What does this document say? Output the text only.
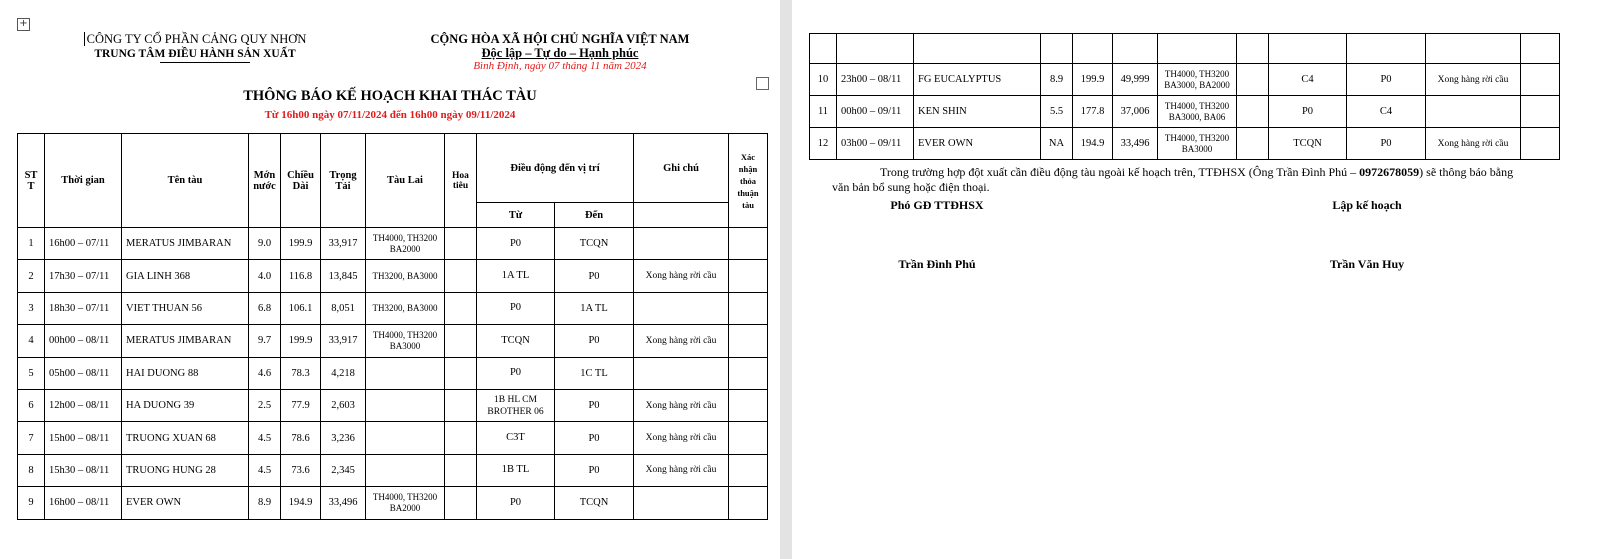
+
CÔNG TY CỔ PHẦN CẢNG QUY NHƠN
TRUNG TÂM ĐIỀU HÀNH SẢN XUẤT
CỘNG HÒA XÃ HỘI CHỦ NGHĨA VIỆT NAM
Độc lập – Tự do – Hạnh phúc
Bình Định, ngày 07 tháng 11 năm 2024
THÔNG BÁO KẾ HOẠCH KHAI THÁC TÀU
Từ 16h00 ngày 07/11/2024 đến 16h00 ngày 09/11/2024
ST T	Thời gian	Tên tàu	Mớn nước	Chiều Dài	Trọng Tải	Tàu Lai	Hoa tiêu	Điều động đến vị trí		Ghi chú	Xác nhận thỏa thuận tàu
								Từ	Đến		
1	16h00 – 07/11	MERATUS JIMBARAN	9.0	199.9	33,917	TH4000, TH3200 BA2000		P0	TCQN		
2	17h30 – 07/11	GIA LINH 368	4.0	116.8	13,845	TH3200, BA3000		1A TL	P0	Xong hàng rời cầu	
3	18h30 – 07/11	VIET THUAN 56	6.8	106.1	8,051	TH3200, BA3000		P0	1A TL		
4	00h00 – 08/11	MERATUS JIMBARAN	9.7	199.9	33,917	TH4000, TH3200 BA3000		TCQN	P0	Xong hàng rời cầu	
5	05h00 – 08/11	HAI DUONG 88	4.6	78.3	4,218			P0	1C TL		
6	12h00 – 08/11	HA DUONG 39	2.5	77.9	2,603			1B HL CM BROTHER 06	P0	Xong hàng rời cầu	
7	15h00 – 08/11	TRUONG XUAN 68	4.5	78.6	3,236			C3T	P0	Xong hàng rời cầu	
8	15h30 – 08/11	TRUONG HUNG 28	4.5	73.6	2,345			1B TL	P0	Xong hàng rời cầu	
9	16h00 – 08/11	EVER OWN	8.9	194.9	33,496	TH4000, TH3200 BA2000		P0	TCQN		

10	23h00 – 08/11	FG EUCALYPTUS	8.9	199.9	49,999	TH4000, TH3200 BA3000, BA2000		C4	P0	Xong hàng rời cầu	
11	00h00 – 09/11	KEN SHIN	5.5	177.8	37,006	TH4000, TH3200 BA3000, BA06		P0	C4		
12	03h00 – 09/11	EVER OWN	NA	194.9	33,496	TH4000, TH3200 BA3000		TCQN	P0	Xong hàng rời cầu	
Trong trường hợp đột xuất cần điều động tàu ngoài kế hoạch trên, TTĐHSX (Ông Trần Đình Phú – 0972678059) sẽ thông báo bằng
văn bản bổ sung hoặc điện thoại.
Phó GĐ TTĐHSX	Lập kế hoạch
Trần Đình Phú	Trần Văn Huy
